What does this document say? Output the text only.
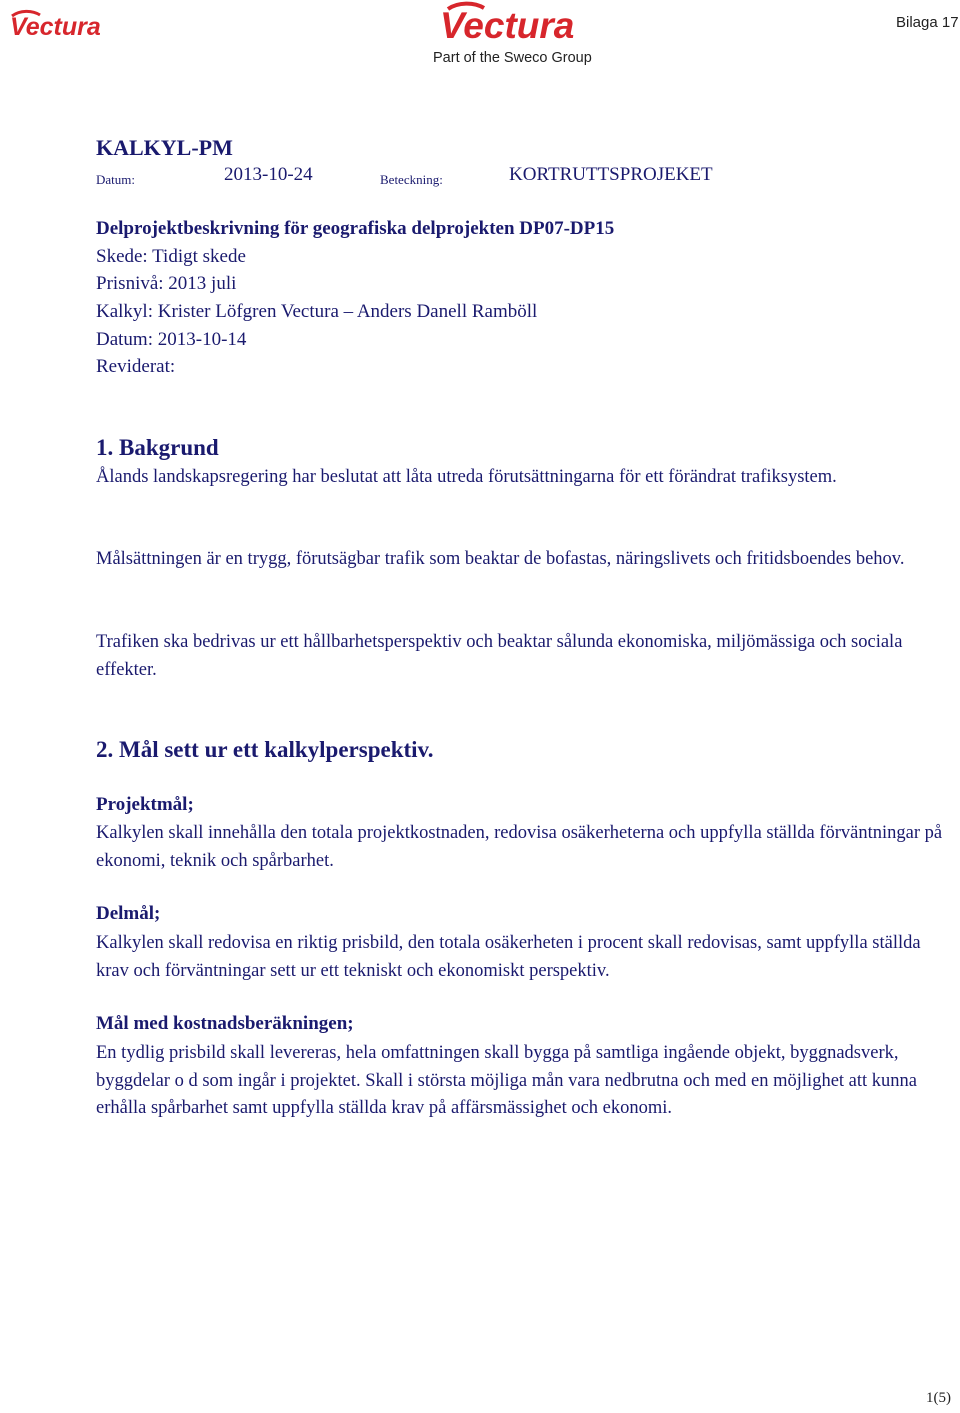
Vectura	Vectura
Part of the Sweco Group
Bilaga 17
KALKYL-PM
Datum:	2013-10-24	Beteckning:	KORTRUTTSPROJEKET
Delprojektbeskrivning för geografiska delprojekten DP07-DP15
Skede: Tidigt skede
Prisnivå: 2013 juli
Kalkyl: Krister Löfgren Vectura – Anders Danell Ramböll
Datum: 2013-10-14
Reviderat:
1. Bakgrund
Ålands landskapsregering har beslutat att låta utreda förutsättningarna för ett förändrat trafiksystem.
Målsättningen är en trygg, förutsägbar trafik som beaktar de bofastas, näringslivets och fritidsboendes behov.
Trafiken ska bedrivas ur ett hållbarhetsperspektiv och beaktar sålunda ekonomiska, miljömässiga och sociala effekter.
2. Mål sett ur ett kalkylperspektiv.
Projektmål;
Kalkylen skall innehålla den totala projektkostnaden, redovisa osäkerheterna och uppfylla ställda förväntningar på ekonomi, teknik och spårbarhet.
Delmål;
Kalkylen skall redovisa en riktig prisbild, den totala osäkerheten i procent skall redovisas, samt uppfylla ställda krav och förväntningar sett ur ett tekniskt och ekonomiskt perspektiv.
Mål med kostnadsberäkningen;
En tydlig prisbild skall levereras, hela omfattningen skall bygga på samtliga ingående objekt, byggnadsverk, byggdelar o d som ingår i projektet. Skall i största möjliga mån vara nedbrutna och med en möjlighet att kunna erhålla spårbarhet samt uppfylla ställda krav på affärsmässighet och ekonomi.
1(5)
